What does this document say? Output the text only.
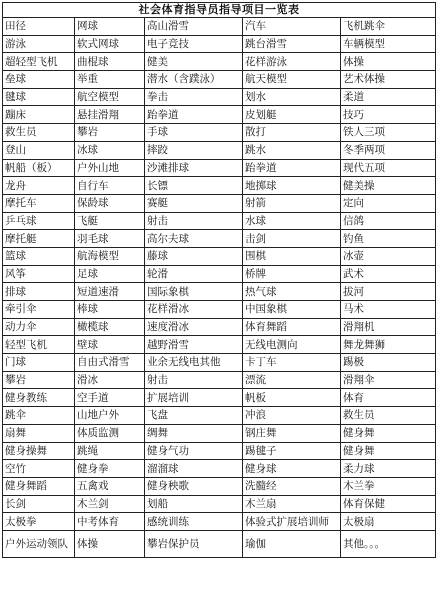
社会体育指导员指导项目一览表				
田径	网球	高山滑雪	汽车	飞机跳伞
游泳	软式网球	电子竞技	跳台滑雪	车辆模型
超轻型飞机	曲棍球	健美	花样游泳	体操
垒球	举重	潜水（含蹼泳）	航天模型	艺术体操
毽球	航空模型	拳击	划水	柔道
蹦床	悬挂滑翔	跆拳道	皮划艇	技巧
救生员	攀岩	手球	散打	铁人三项
登山	冰球	摔跤	跳水	冬季两项
帆船（板）	户外山地	沙滩排球	跆拳道	现代五项
龙舟	自行车	长镖	地掷球	健美操
摩托车	保龄球	赛艇	射箭	定向
乒乓球	飞艇	射击	水球	信鸽
摩托艇	羽毛球	高尔夫球	击剑	钓鱼
篮球	航海模型	藤球	围棋	冰壶
风筝	足球	轮滑	桥牌	武术
排球	短道速滑	国际象棋	热气球	拔河
牵引伞	棒球	花样滑冰	中国象棋	马术
动力伞	橄榄球	速度滑冰	体育舞蹈	滑翔机
轻型飞机	壁球	越野滑雪	无线电测向	舞龙舞狮
门球	自由式滑雪	业余无线电其他	卡丁车	踢极
攀岩	滑冰	射击	漂流	滑翔伞
健身教练	空手道	扩展培训	帆板	体育
跳伞	山地户外	飞盘	冲浪	救生员
扇舞	体质监测	绸舞	钢庄舞	健身舞
健身操舞	跳绳	健身气功	踢毽子	健身舞
空竹	健身拳	溜溜球	健身球	柔力球
健身舞蹈	五禽戏	健身秧歌	洗髓经	木兰拳
长剑	木兰剑	划船	木兰扇	体育保健
太极拳	中考体育	感统训练	体验式扩展培训师	太极扇
户外运动领队	体操	攀岩保护员	瑜伽	其他。。。
